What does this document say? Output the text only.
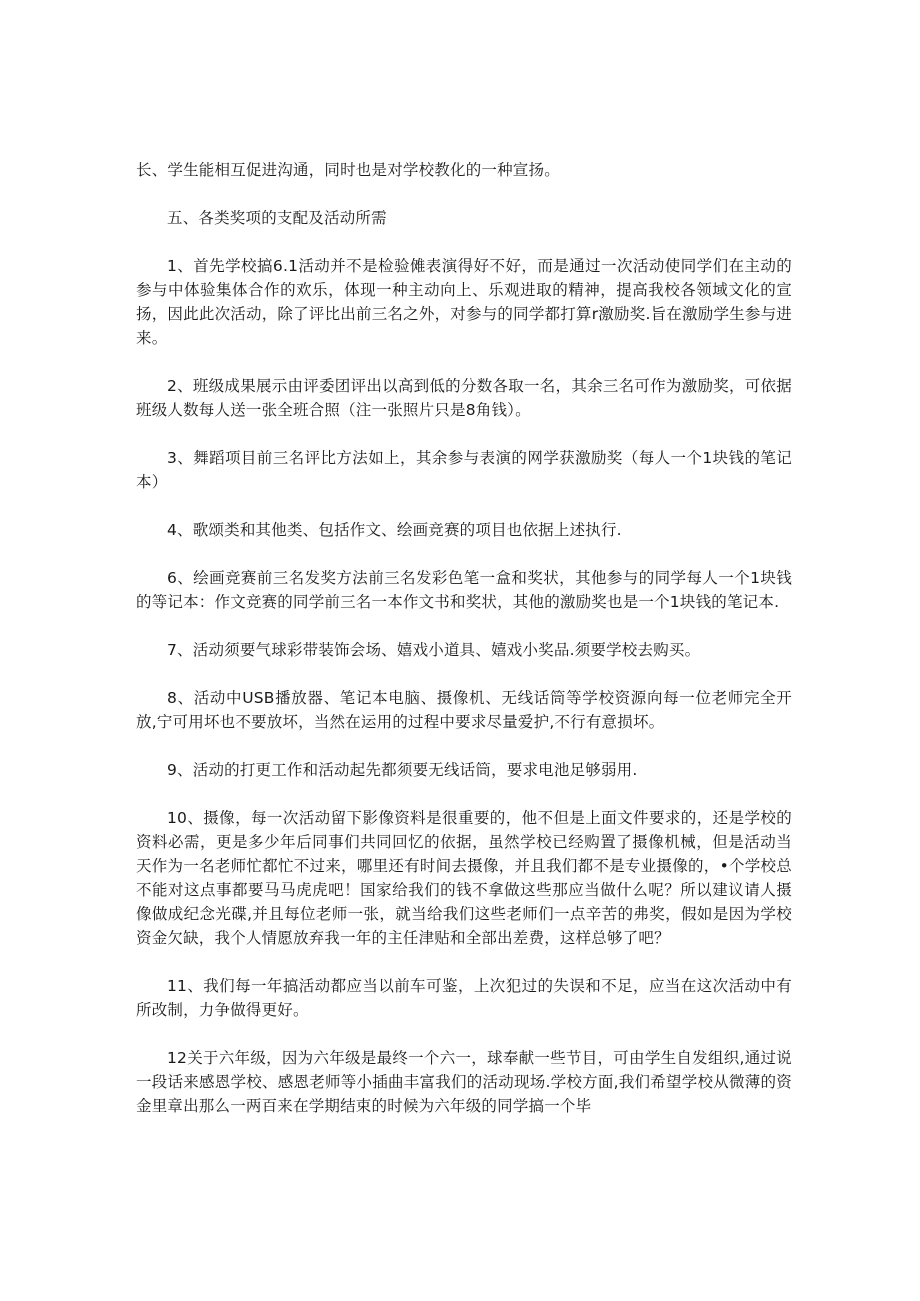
长、学生能相互促进沟通，同时也是对学校教化的一种宣扬。

五、各类奖项的支配及活动所需

1、首先学校搞6.1活动并不是检验傩表演得好不好，而是通过一次活动使同学们在主动的参与中体验集体合作的欢乐，体现一种主动向上、乐观进取的精神，提高我校各领域文化的宣扬，因此此次活动，除了评比出前三名之外，对参与的同学都打算r激励奖.旨在激励学生参与进来。

2、班级成果展示由评委团评出以高到低的分数各取一名，其余三名可作为激励奖，可依据班级人数每人送一张全班合照（注一张照片只是8角钱）。

3、舞蹈项目前三名评比方法如上，其余参与表演的网学获激励奖（每人一个1块钱的笔记本）

4、歌颂类和其他类、包括作文、绘画竞赛的项目也依据上述执行.

6、绘画竞赛前三名发奖方法前三名发彩色笔一盒和奖状，其他参与的同学每人一个1块钱的等记本：作文竞赛的同学前三名一本作文书和奖状，其他的激励奖也是一个1块钱的笔记本.

7、活动须要气球彩带装饰会场、嬉戏小道具、嬉戏小奖品.须要学校去购买。

8、活动中USB播放器、笔记本电脑、摄像机、无线话筒等学校资源向每一位老师完全开放,宁可用坏也不要放坏，当然在运用的过程中要求尽量爱护,不行有意损坏。

9、活动的打更工作和活动起先都须要无线话筒，要求电池足够弱用.

10、摄像，每一次活动留下影像资料是很重要的，他不但是上面文件要求的，还是学校的资料必需，更是多少年后同事们共同回忆的依据，虽然学校已经购置了摄像机械，但是活动当天作为一名老师忙都忙不过来，哪里还有时间去摄像，并且我们都不是专业摄像的，•个学校总不能对这点事都要马马虎虎吧！国家给我们的钱不拿做这些那应当做什么呢？所以建议请人摄像做成纪念光碟,并且每位老师一张，就当给我们这些老师们一点辛苦的弗奖，假如是因为学校资金欠缺，我个人情愿放弃我一年的主任津贴和全部出差费，这样总够了吧？

11、我们每一年搞活动都应当以前车可鉴，上次犯过的失误和不足，应当在这次活动中有所改制，力争做得更好。

12关于六年级，因为六年级是最终一个六一，球奉献一些节目，可由学生自发组织,通过说一段话来感恩学校、感恩老师等小插曲丰富我们的活动现场.学校方面,我们希望学校从微薄的资金里章出那么一两百来在学期结束的时候为六年级的同学搞一个毕
